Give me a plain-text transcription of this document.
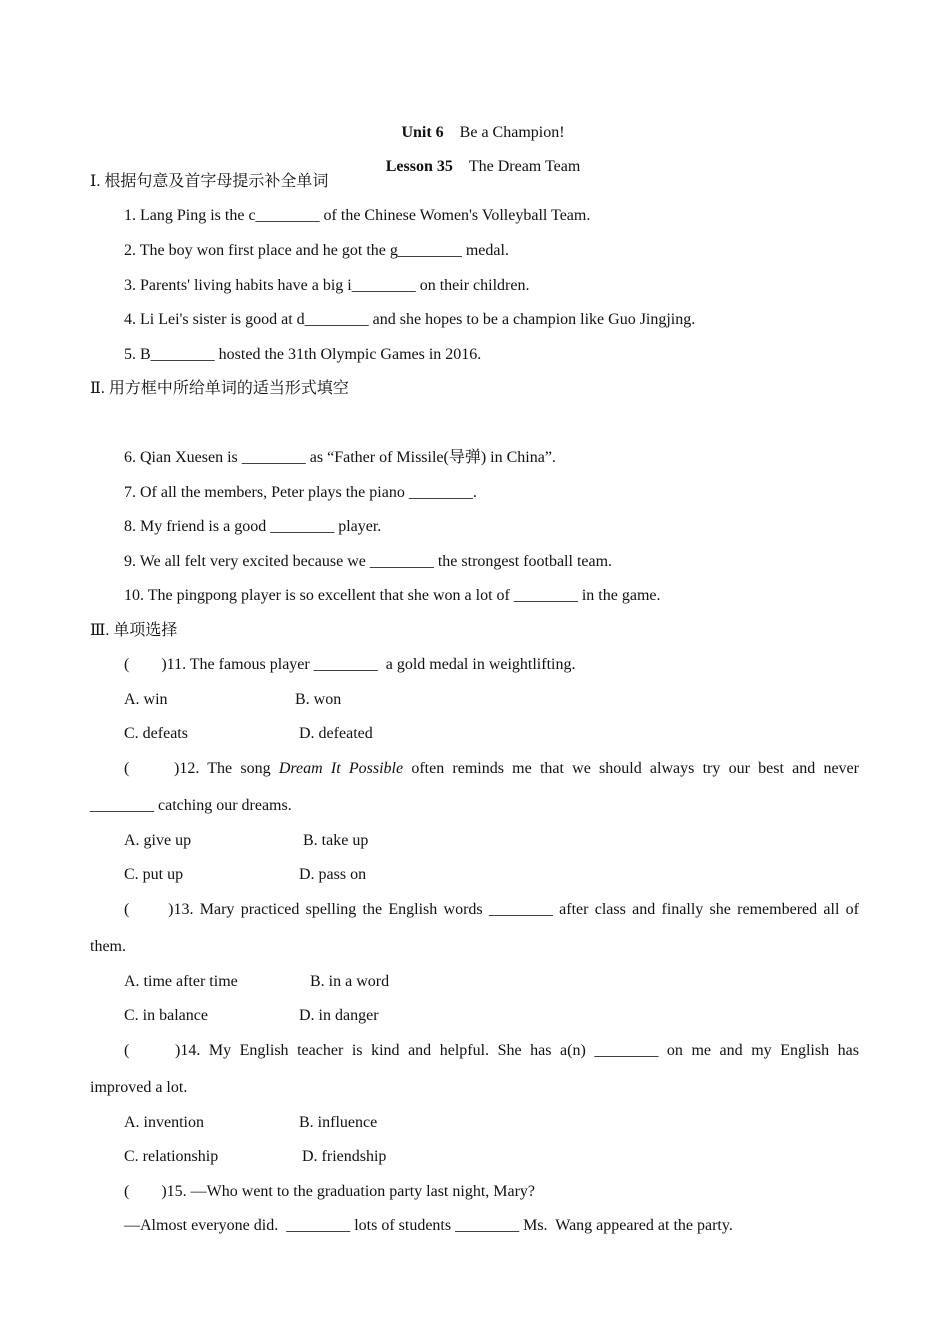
Unit 6 Be a Champion!

Lesson 35 The Dream Team

Ⅰ. 根据句意及首字母提示补全单词
1. Lang Ping is the c________ of the Chinese Women's Volleyball Team.
2. The boy won first place and he got the g________ medal.
3. Parents' living habits have a big i________ on their children.
4. Li Lei's sister is good at d________ and she hopes to be a champion like Guo Jingjing.
5. B________ hosted the 31th Olympic Games in 2016.
Ⅱ. 用方框中所给单词的适当形式填空
6. Qian Xuesen is ________ as “Father of Missile(导弹) in China”.
7. Of all the members, Peter plays the piano ________.
8. My friend is a good ________ player.
9. We all felt very excited because we ________ the strongest football team.
10. The pingpong player is so excellent that she won a lot of ________ in the game.
Ⅲ. 单项选择
(　　)11. The famous player ________  a gold medal in weightlifting.
A. win	B. won
C. defeats	D. defeated
(　　)12. The song Dream It Possible often reminds me that we should always try our best and never
________ catching our dreams.
A. give up	B. take up
C. put up	D. pass on
(　　)13. Mary practiced spelling the English words ________ after class and finally she remembered all of
them.
A. time after time	B. in a word
C. in balance	D. in danger
(　　)14. My English teacher is kind and helpful. She has a(n) ________ on me and my English has
improved a lot.
A. invention	B. influence
C. relationship	D. friendship
(　　)15. —Who went to the graduation party last night, Mary?
—Almost everyone did.  ________ lots of students ________ Ms.  Wang appeared at the party.
